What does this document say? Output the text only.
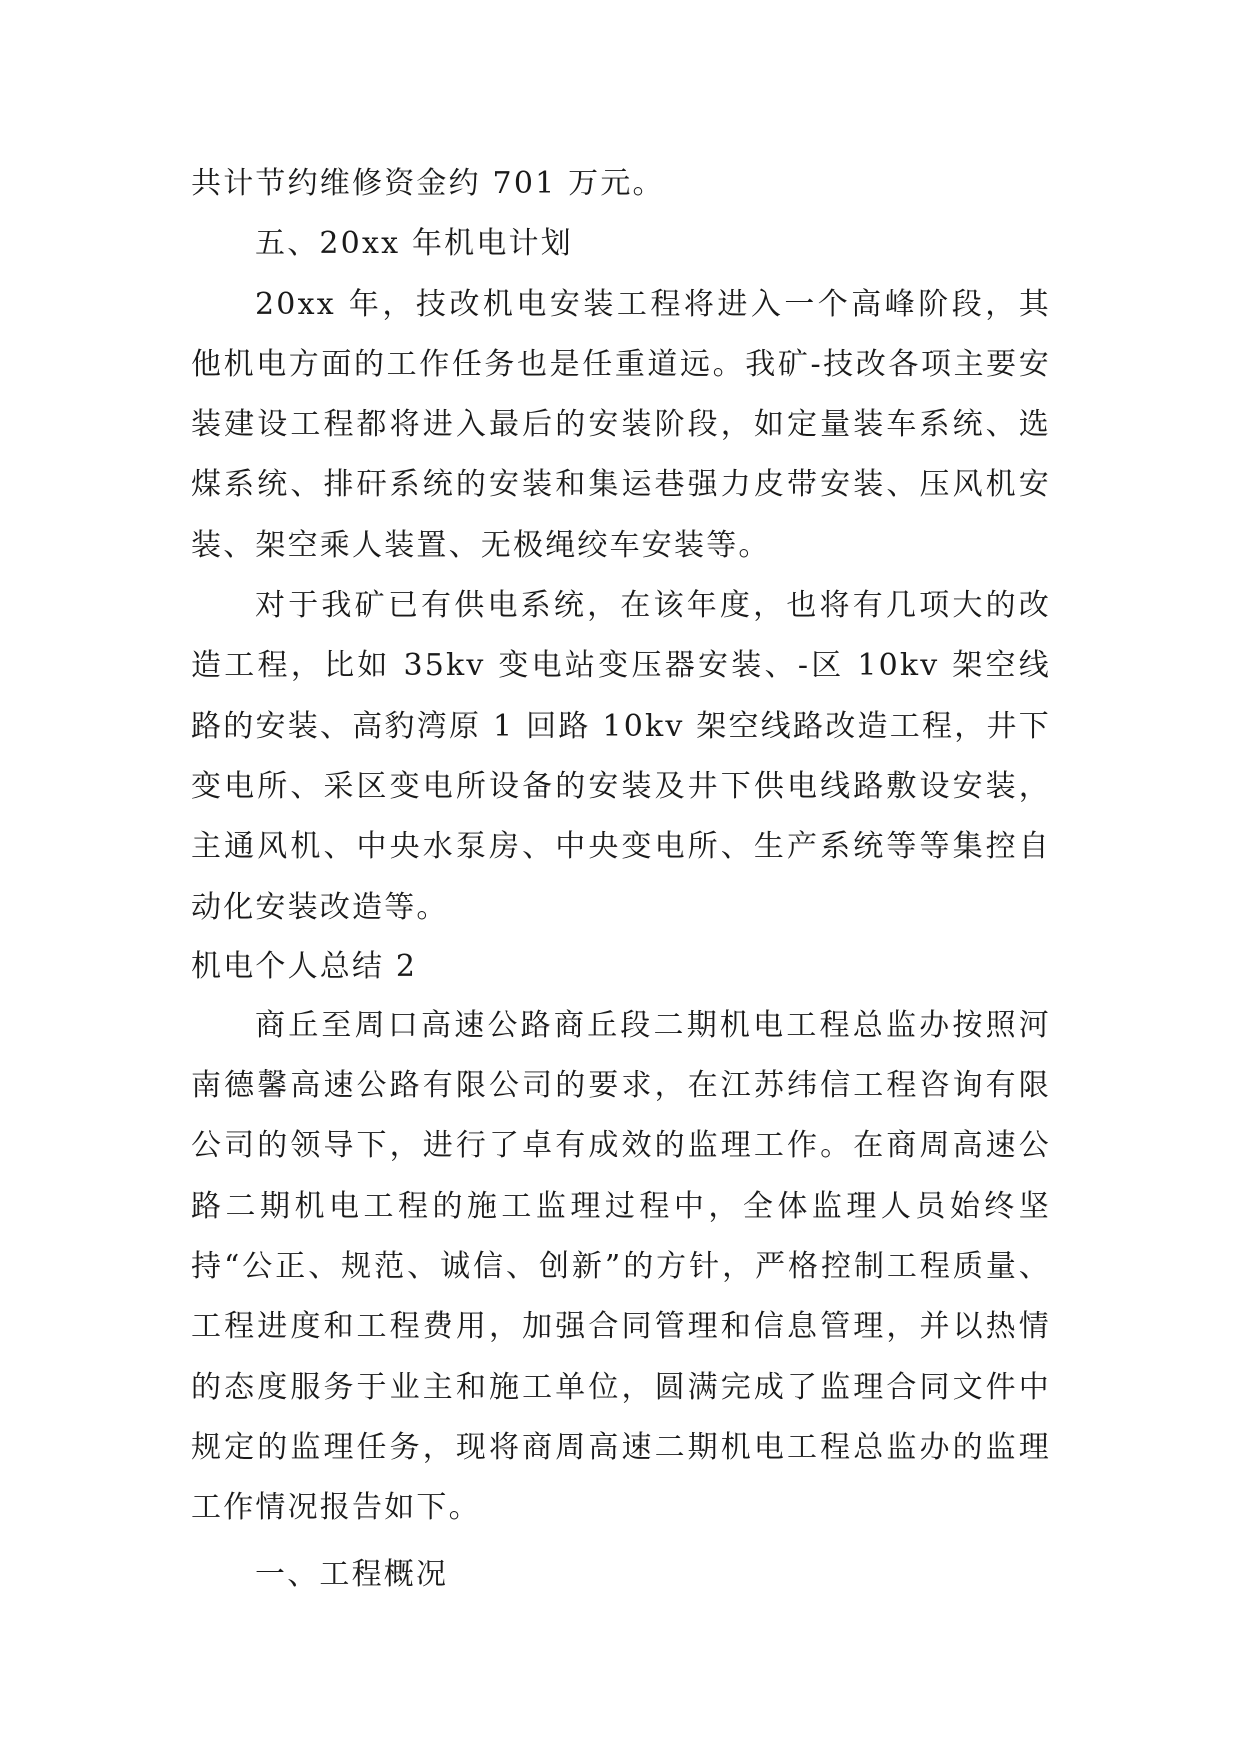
共计节约维修资金约 701 万元。

五、20xx 年机电计划

20xx 年，技改机电安装工程将进入一个高峰阶段，其他机电方面的工作任务也是任重道远。我矿-技改各项主要安装建设工程都将进入最后的安装阶段，如定量装车系统、选煤系统、排矸系统的安装和集运巷强力皮带安装、压风机安装、架空乘人装置、无极绳绞车安装等。

对于我矿已有供电系统，在该年度，也将有几项大的改造工程，比如 35kv 变电站变压器安装、-区 10kv 架空线路的安装、高豹湾原 1 回路 10kv 架空线路改造工程，井下变电所、采区变电所设备的安装及井下供电线路敷设安装，主通风机、中央水泵房、中央变电所、生产系统等等集控自动化安装改造等。

机电个人总结 2

商丘至周口高速公路商丘段二期机电工程总监办按照河南德馨高速公路有限公司的要求，在江苏纬信工程咨询有限公司的领导下，进行了卓有成效的监理工作。在商周高速公路二期机电工程的施工监理过程中，全体监理人员始终坚持“公正、规范、诚信、创新”的方针，严格控制工程质量、工程进度和工程费用，加强合同管理和信息管理，并以热情的态度服务于业主和施工单位，圆满完成了监理合同文件中规定的监理任务，现将商周高速二期机电工程总监办的监理工作情况报告如下。

一、工程概况
